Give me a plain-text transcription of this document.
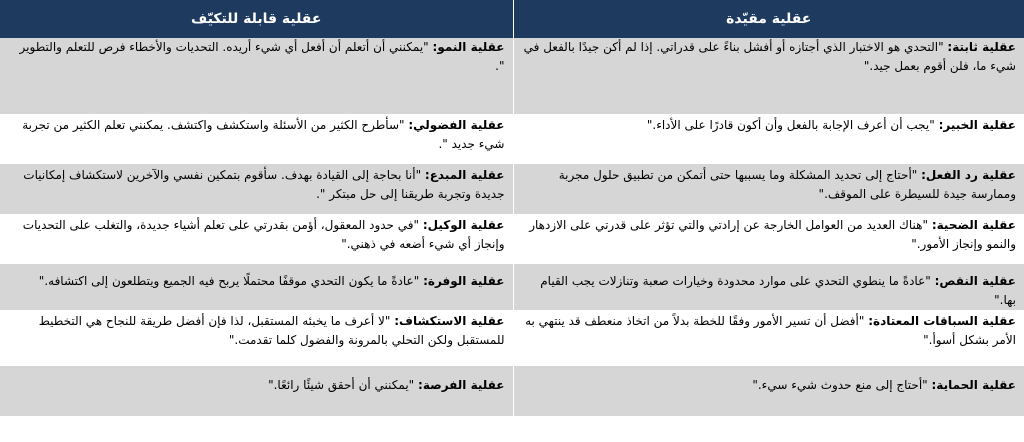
عقلية مقيّدة	عقلية قابلة للتكيّف
عقلية ثابتة: "التحدي هو الاختبار الذي أجتازه أو أفشل بناءً على قدراتي. إذا لم أكن جيدًا بالفعل في شيء ما، فلن أقوم بعمل جيد."	عقلية النمو: "يمكنني أن أتعلم أن أفعل أي شيء أريده. التحديات والأخطاء فرص للتعلم والتطوير ".
عقلية الخبير: "يجب أن أعرف الإجابة بالفعل وأن أكون قادرًا على الأداء."	عقلية الفضولي: "سأطرح الكثير من الأسئلة واستكشف واكتشف. يمكنني تعلم الكثير من تجربة شيء جديد ".
عقلية رد الفعل: "أحتاج إلى تحديد المشكلة وما يسببها حتى أتمكن من تطبيق حلول مجربة وممارسة جيدة للسيطرة على الموقف."	عقلية المبدع: "أنا بحاجة إلى القيادة بهدف. سأقوم بتمكين نفسي والآخرين لاستكشاف إمكانيات جديدة وتجربة طريقنا إلى حل مبتكر ".
عقلية الضحية: "هناك العديد من العوامل الخارجة عن إرادتي والتي تؤثر على قدرتي على الازدهار والنمو وإنجاز الأمور."	عقلية الوكيل: "في حدود المعقول، أؤمن بقدرتي على تعلم أشياء جديدة، والتغلب على التحديات وإنجاز أي شيء أضعه في ذهني."
عقلية النقص: "عادةً ما ينطوي التحدي على موارد محدودة وخيارات صعبة وتنازلات يجب القيام بها."	عقلية الوفرة: "عادةً ما يكون التحدي موقفًا محتملًا يربح فيه الجميع ويتطلعون إلى اكتشافه."
عقلية السباقات المعتادة: "أفضل أن تسير الأمور وفقًا للخطة بدلاً من اتخاذ منعطف قد ينتهي به الأمر بشكل أسوأ."	عقلية الاستكشاف: "لا أعرف ما يخبئه المستقبل، لذا فإن أفضل طريقة للنجاح هي التخطيط للمستقبل ولكن التحلي بالمرونة والفضول كلما تقدمت."
عقلية الحماية: "أحتاج إلى منع حدوث شيء سيء."	عقلية الفرصة: "يمكنني أن أحقق شيئًا رائعًا."
